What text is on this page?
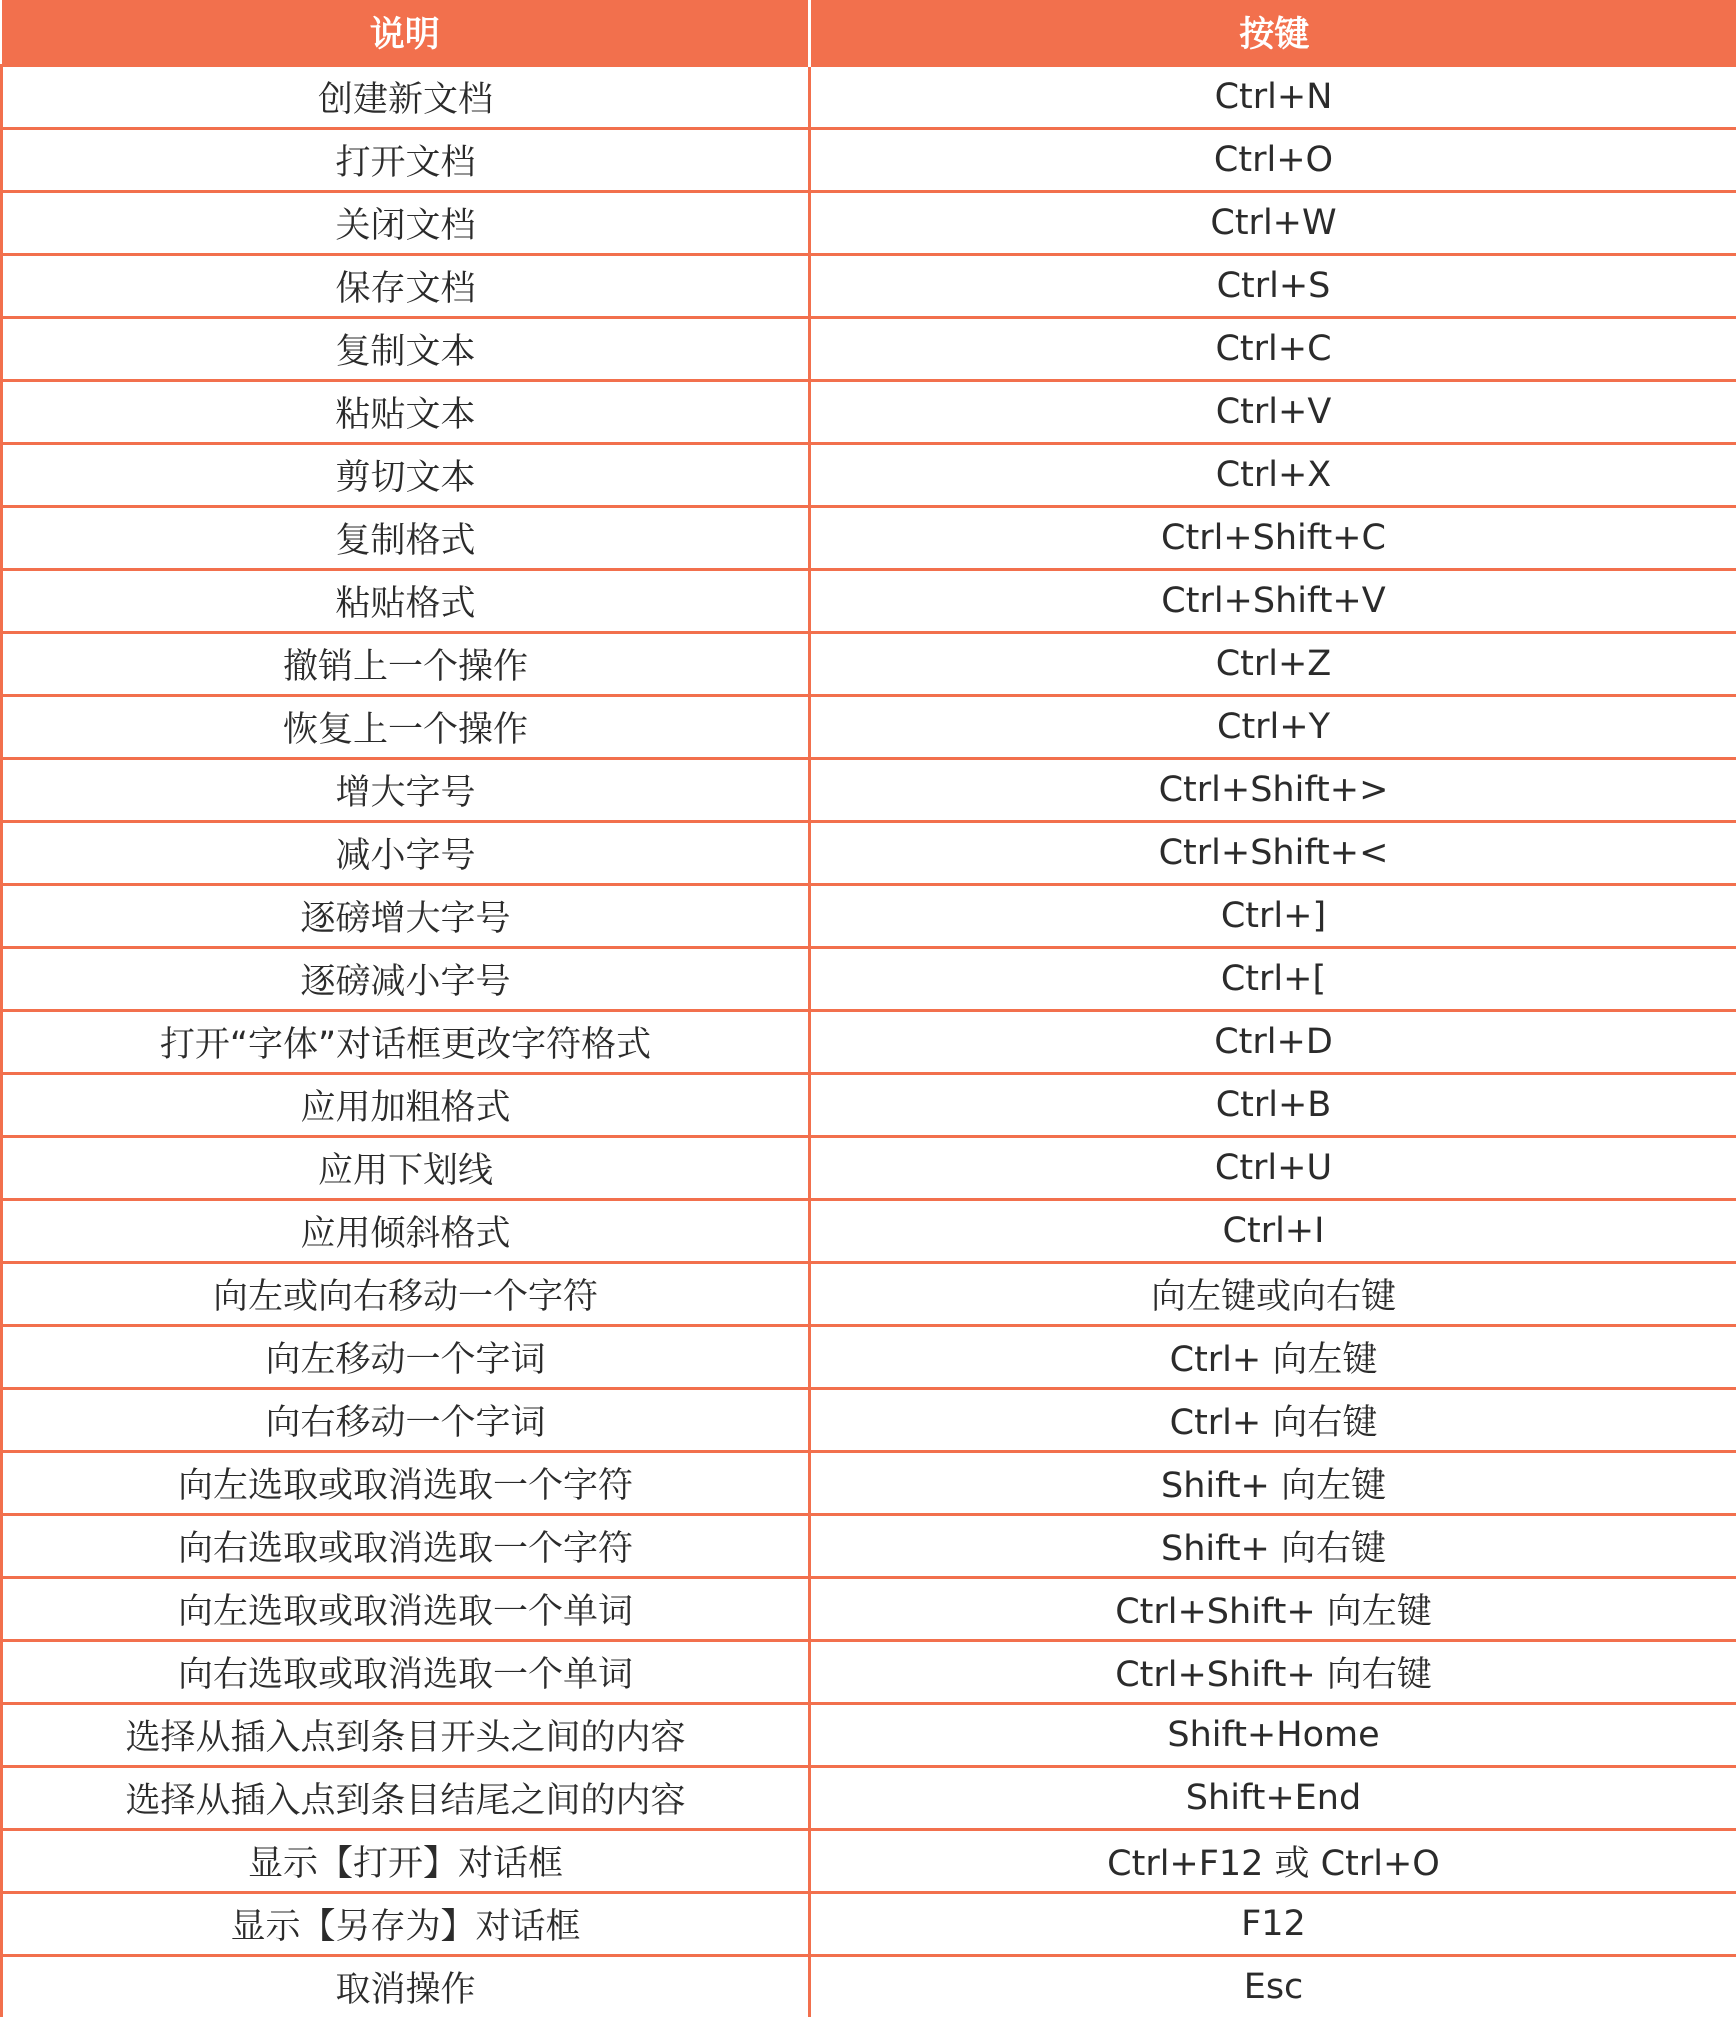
说明	按键
创建新文档	Ctrl+N
打开文档	Ctrl+O
关闭文档	Ctrl+W
保存文档	Ctrl+S
复制文本	Ctrl+C
粘贴文本	Ctrl+V
剪切文本	Ctrl+X
复制格式	Ctrl+Shift+C
粘贴格式	Ctrl+Shift+V
撤销上一个操作	Ctrl+Z
恢复上一个操作	Ctrl+Y
增大字号	Ctrl+Shift+>
减小字号	Ctrl+Shift+<
逐磅增大字号	Ctrl+]
逐磅减小字号	Ctrl+[
打开“字体”对话框更改字符格式	Ctrl+D
应用加粗格式	Ctrl+B
应用下划线	Ctrl+U
应用倾斜格式	Ctrl+I
向左或向右移动一个字符	向左键或向右键
向左移动一个字词	Ctrl+ 向左键
向右移动一个字词	Ctrl+ 向右键
向左选取或取消选取一个字符	Shift+ 向左键
向右选取或取消选取一个字符	Shift+ 向右键
向左选取或取消选取一个单词	Ctrl+Shift+ 向左键
向右选取或取消选取一个单词	Ctrl+Shift+ 向右键
选择从插入点到条目开头之间的内容	Shift+Home
选择从插入点到条目结尾之间的内容	Shift+End
显示【打开】对话框	Ctrl+F12 或 Ctrl+O
显示【另存为】对话框	F12
取消操作	Esc
